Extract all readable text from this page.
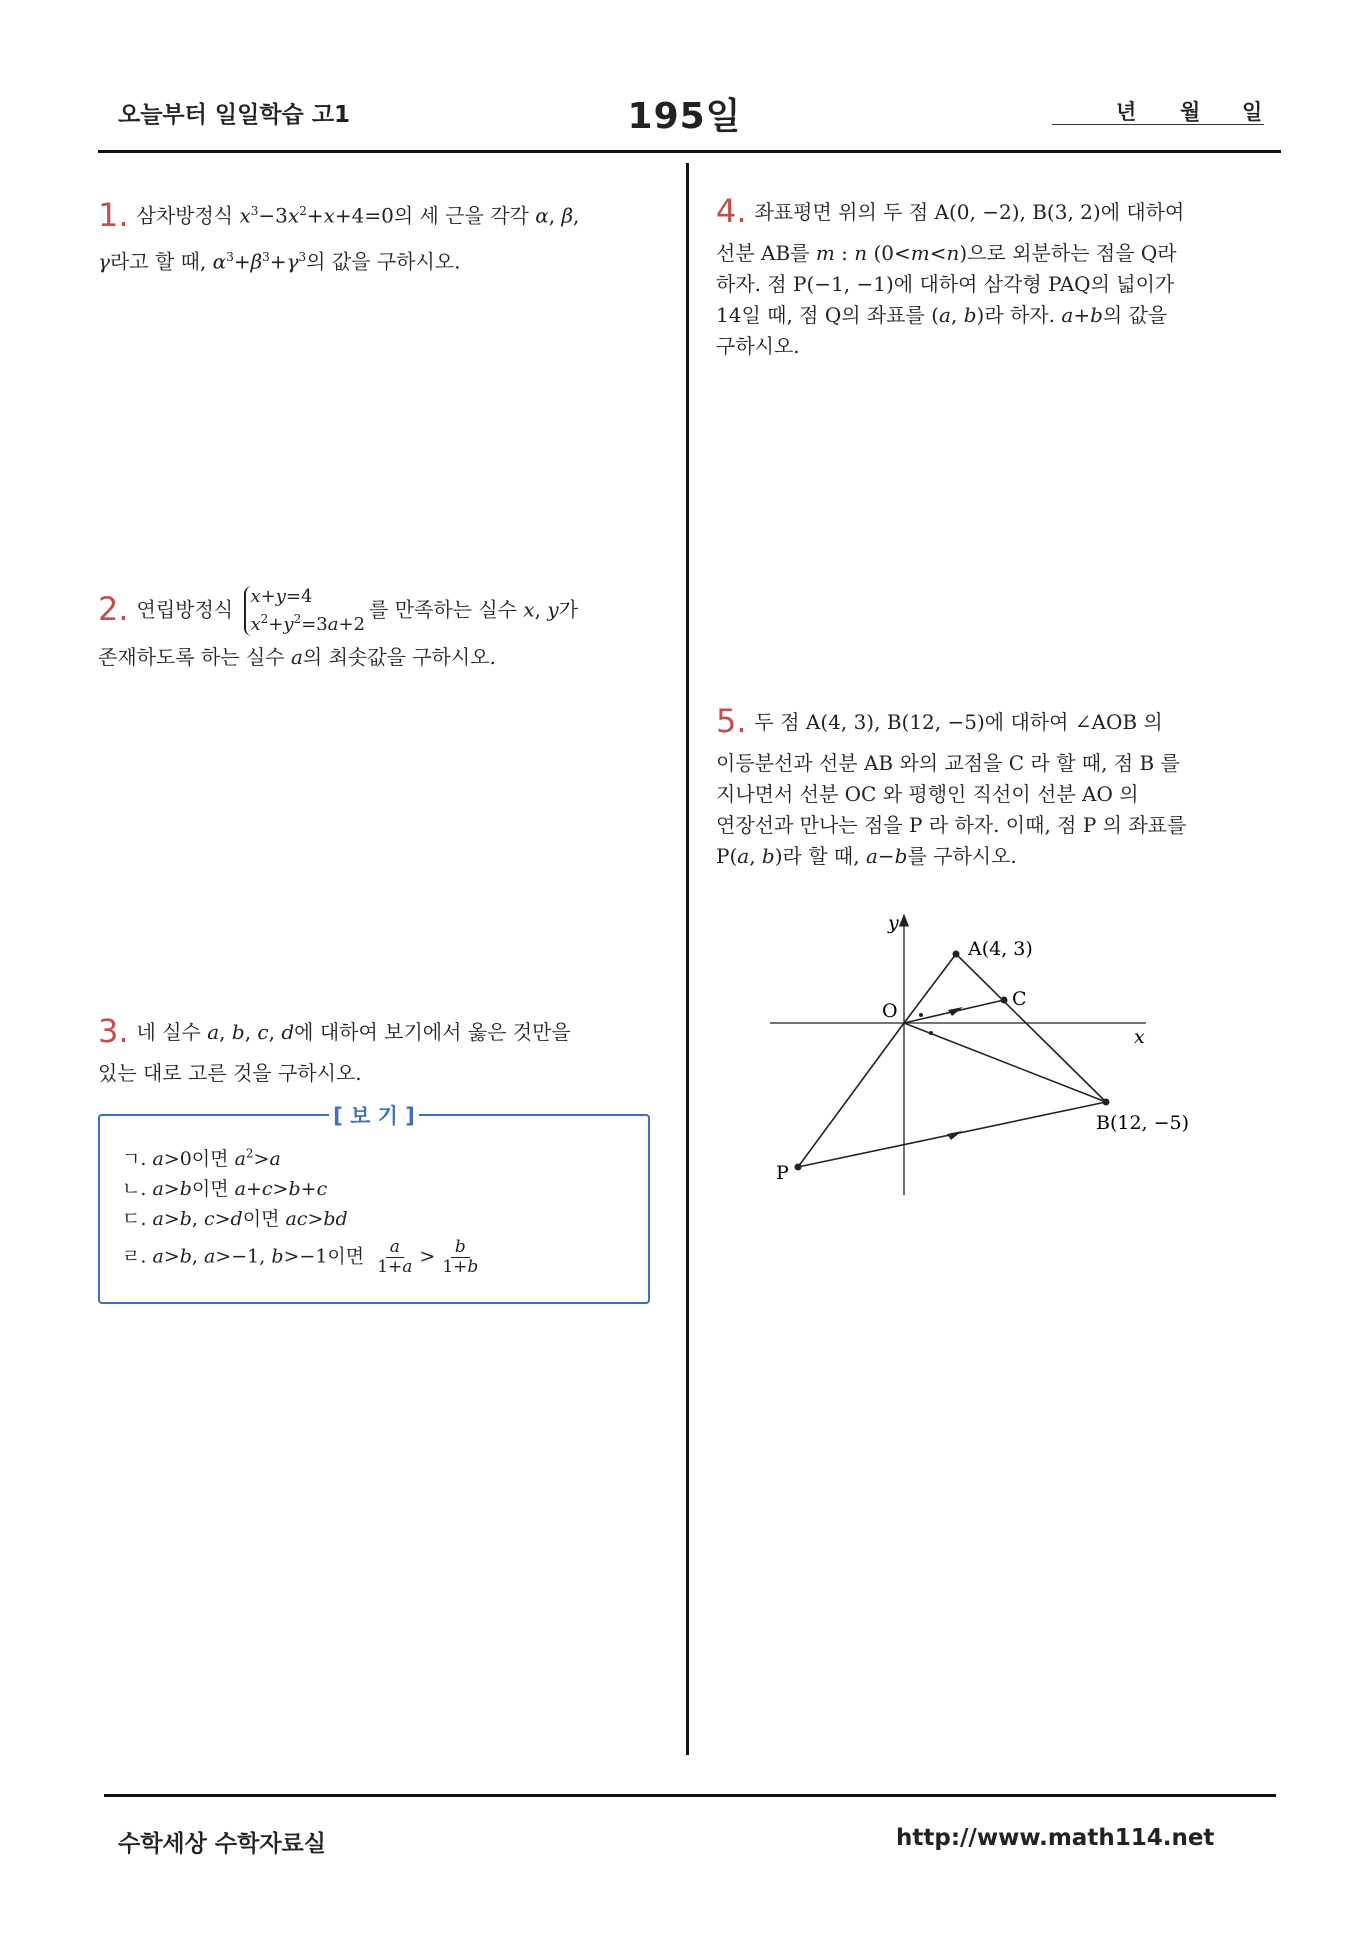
오늘부터 일일학습 고1	195일	년 월 일
1. 삼차방정식 $x^3-3x^2+x+4=0$의 세 근을 각각 α, β,
γ라고 할 때, $\alpha^3+\beta^3+\gamma^3$의 값을 구하시오.
2. 연립방정식 x+y=4
$x^2+y^2=3a+2$를 만족하는 실수 x, y가
존재하도록 하는 실수 a의 최솟값을 구하시오.
3. 네 실수 a, b, c, d에 대하여 보기에서 옳은 것만을
있는 대로 고른 것을 구하시오.
[ 보 기 ]
ㄱ. a>0이면 $a^2>a$
ㄴ. a>b이면 a+c>b+c
ㄷ. a>b, c>d이면 ac>bd
ㄹ. a>b, a>−1, b>−1이면 $\frac{a}{1+a} > \frac{b}{1+b}$
4. 좌표평면 위의 두 점 A(0, −2), B(3, 2)에 대하여
선분 AB를 m : n (0<m<n)으로 외분하는 점을 Q라
하자. 점 P(−1, −1)에 대하여 삼각형 PAQ의 넓이가
14일 때, 점 Q의 좌표를 (a, b)라 하자. a+b의 값을
구하시오.
5. 두 점 A(4, 3), B(12, −5)에 대하여 ∠AOB 의
이등분선과 선분 AB 와의 교점을 C 라 할 때, 점 B 를
지나면서 선분 OC 와 평행인 직선이 선분 AO 의
연장선과 만나는 점을 P 라 하자. 이때, 점 P 의 좌표를
P(a, b)라 할 때, a−b를 구하시오.
y
x
O
A(4, 3)
C
B(12, −5)
P
수학세상 수학자료실	http://www.math114.net
